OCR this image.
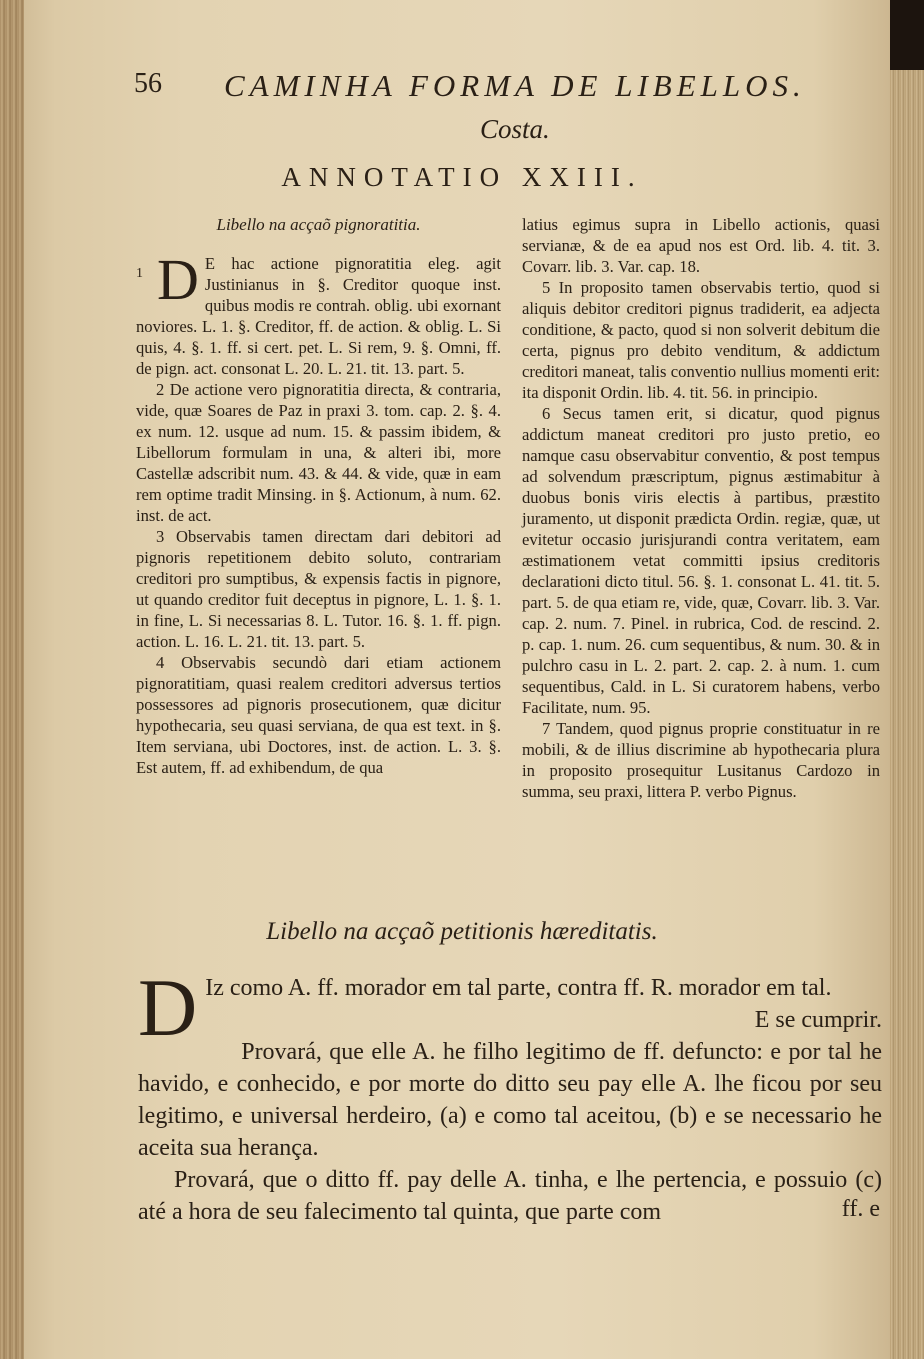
56 CAMINHA FORMA DE LIBELLOS.
Costa.
ANNOTATIO XXIII.
Libello na acçaõ pignoratitia.

1 D E hac actione pignoratitia eleg. agit Justinianus in §. Creditor quoque inst. quibus modis re contrah. oblig. ubi exornant noviores. L. 1. §. Creditor, ff. de action. & oblig. L. Si quis, 4. §. 1. ff. si cert. pet. L. Si rem, 9. §. Omni, ff. de pign. act. consonat L. 20. L. 21. tit. 13. part. 5.

2 De actione vero pignoratitia directa, & contraria, vide, quæ Soares de Paz in praxi 3. tom. cap. 2. §. 4. ex num. 12. usque ad num. 15. & passim ibidem, & Libellorum formulam in una, & alteri ibi, more Castellæ adscribit num. 43. & 44. & vide, quæ in eam rem optime tradit Minsing. in §. Actionum, à num. 62. inst. de act.

3 Observabis tamen directam dari debitori ad pignoris repetitionem debito soluto, contrariam creditori pro sumptibus, & expensis factis in pignore, ut quando creditor fuit deceptus in pignore, L. 1. §. 1. in fine, L. Si necessarias 8. L. Tutor. 16. §. 1. ff. pign. action. L. 16. L. 21. tit. 13. part. 5.

4 Observabis secundò dari etiam actionem pignoratitiam, quasi realem creditori adversus tertios possessores ad pignoris prosecutionem, quæ dicitur hypothecaria, seu quasi serviana, de qua est text. in §. Item serviana, ubi Doctores, inst. de action. L. 3. §. Est autem, ff. ad exhibendum, de qua

latius egimus supra in Libello actionis, quasi servianæ, & de ea apud nos est Ord. lib. 4. tit. 3. Covarr. lib. 3. Var. cap. 18.

5 In proposito tamen observabis tertio, quod si aliquis debitor creditori pignus tradiderit, ea adjecta conditione, & pacto, quod si non solverit debitum die certa, pignus pro debito venditum, & addictum creditori maneat, talis conventio nullius momenti erit: ita disponit Ordin. lib. 4. tit. 56. in principio.

6 Secus tamen erit, si dicatur, quod pignus addictum maneat creditori pro justo pretio, eo namque casu observabitur conventio, & post tempus ad solvendum præscriptum, pignus æstimabitur à duobus bonis viris electis à partibus, præstito juramento, ut disponit prædicta Ordin. regiæ, quæ, ut evitetur occasio jurisjurandi contra veritatem, eam æstimationem vetat committi ipsius creditoris declarationi dicto titul. 56. §. 1. consonat L. 41. tit. 5. part. 5. de qua etiam re, vide, quæ, Covarr. lib. 3. Var. cap. 2. num. 7. Pinel. in rubrica, Cod. de rescind. 2. p. cap. 1. num. 26. cum sequentibus, & num. 30. & in pulchro casu in L. 2. part. 2. cap. 2. à num. 1. cum sequentibus, Cald. in L. Si curatorem habens, verbo Facilitate, num. 95.

7 Tandem, quod pignus proprie constituatur in re mobili, & de illius discrimine ab hypothecaria plura in proposito prosequitur Lusitanus Cardozo in summa, seu praxi, littera P. verbo Pignus.

Libello na acçaõ petitionis hæreditatis.

D Iz como A. ff. morador em tal parte, contra ff. R. morador em tal.
E se cumprir.

Provará, que elle A. he filho legitimo de ff. defuncto: e por tal he havido, e conhecido, e por morte do ditto seu pay elle A. lhe ficou por seu legitimo, e universal herdeiro, (a) e como tal aceitou, (b) e se necessario he aceita sua herança.

Provará, que o ditto ff. pay delle A. tinha, e lhe pertencia, e possuio (c) até a hora de seu falecimento tal quinta, que parte com	ff. e
